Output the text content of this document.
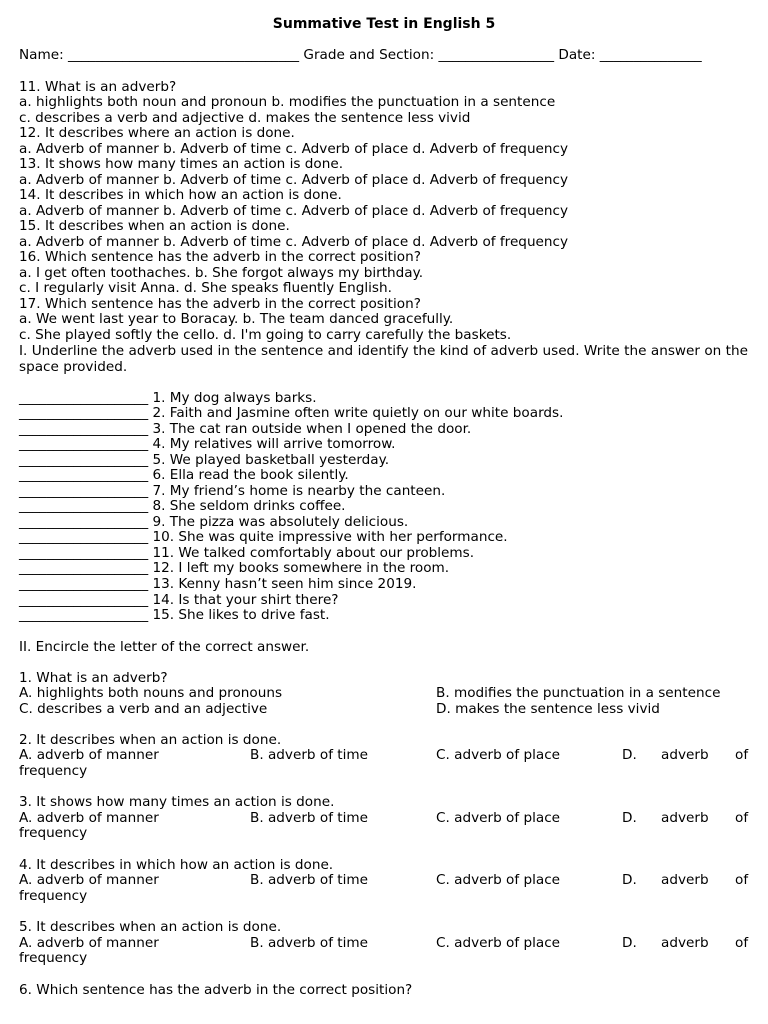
Summative Test in English 5
Name: __________________________________ Grade and Section: _________________ Date: _______________
11. What is an adverb?
a. highlights both noun and pronoun b. modifies the punctuation in a sentence
c. describes a verb and adjective d. makes the sentence less vivid
12. It describes where an action is done.
a. Adverb of manner b. Adverb of time c. Adverb of place d. Adverb of frequency
13. It shows how many times an action is done.
a. Adverb of manner b. Adverb of time c. Adverb of place d. Adverb of frequency
14. It describes in which how an action is done.
a. Adverb of manner b. Adverb of time c. Adverb of place d. Adverb of frequency
15. It describes when an action is done.
a. Adverb of manner b. Adverb of time c. Adverb of place d. Adverb of frequency
16. Which sentence has the adverb in the correct position?
a. I get often toothaches. b. She forgot always my birthday.
c. I regularly visit Anna. d. She speaks fluently English.
17. Which sentence has the adverb in the correct position?
a. We went last year to Boracay. b. The team danced gracefully.
c. She played softly the cello. d. I'm going to carry carefully the baskets.
I. Underline the adverb used in the sentence and identify the kind of adverb used. Write the answer on the space provided.
___________________ 1. My dog always barks.
___________________ 2. Faith and Jasmine often write quietly on our white boards.
___________________ 3. The cat ran outside when I opened the door.
___________________ 4. My relatives will arrive tomorrow.
___________________ 5. We played basketball yesterday.
___________________ 6. Ella read the book silently.
___________________ 7. My friend’s home is nearby the canteen.
___________________ 8. She seldom drinks coffee.
___________________ 9. The pizza was absolutely delicious.
___________________ 10. She was quite impressive with her performance.
___________________ 11. We talked comfortably about our problems.
___________________ 12. I left my books somewhere in the room.
___________________ 13. Kenny hasn’t seen him since 2019.
___________________ 14. Is that your shirt there?
___________________ 15. She likes to drive fast.
II. Encircle the letter of the correct answer.
1. What is an adverb?
A. highlights both nouns and pronouns	B. modifies the punctuation in a sentence
C. describes a verb and an adjective	D. makes the sentence less vivid
2. It describes when an action is done.
A. adverb of manner	B. adverb of time	C. adverb of place	D. adverb of
frequency
3. It shows how many times an action is done.
A. adverb of manner	B. adverb of time	C. adverb of place	D. adverb of
frequency
4. It describes in which how an action is done.
A. adverb of manner	B. adverb of time	C. adverb of place	D. adverb of
frequency
5. It describes when an action is done.
A. adverb of manner	B. adverb of time	C. adverb of place	D. adverb of
frequency
6. Which sentence has the adverb in the correct position?
